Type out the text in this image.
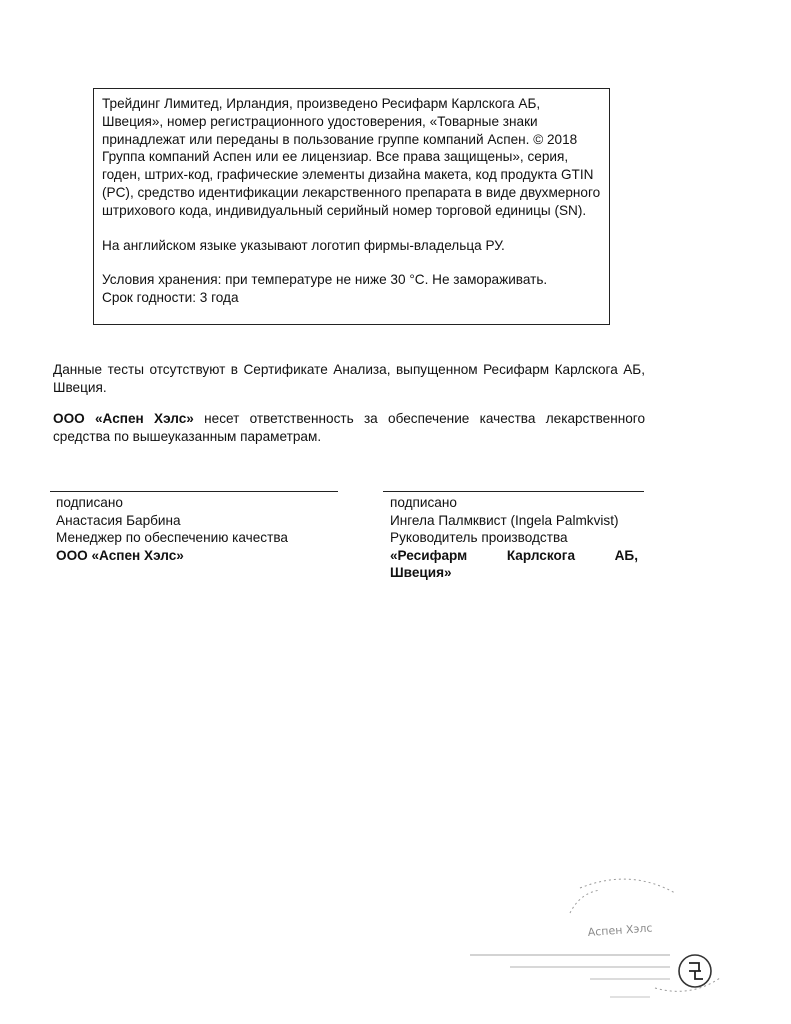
Трейдинг Лимитед, Ирландия, произведено Ресифарм Карлскога АБ, Швеция», номер регистрационного удостоверения, «Товарные знаки принадлежат или переданы в пользование группе компаний Аспен. © 2018 Группа компаний Аспен или ее лицензиар. Все права защищены», серия, годен, штрих-код, графические элементы дизайна макета, код продукта GTIN (PC), средство идентификации лекарственного препарата в виде двухмерного штрихового кода, индивидуальный серийный номер торговой единицы (SN).

На английском языке указывают логотип фирмы-владельца РУ.

Условия хранения: при температуре не ниже 30 °С. Не замораживать.

Срок годности: 3 года

Данные тесты отсутствуют в Сертификате Анализа, выпущенном Ресифарм Карлскога АБ, Швеция.

ООО «Аспен Хэлс» несет ответственность за обеспечение качества лекарственного средства по вышеуказанным параметрам.

подписано
Анастасия Барбина
Менеджер по обеспечению качества
ООО «Аспен Хэлс»
подписано
Ингела Палмквист (Ingela Palmkvist)
Руководитель производства
«Ресифарм	Карлскога	АБ,
Швеция»
Аспен Хэлс
